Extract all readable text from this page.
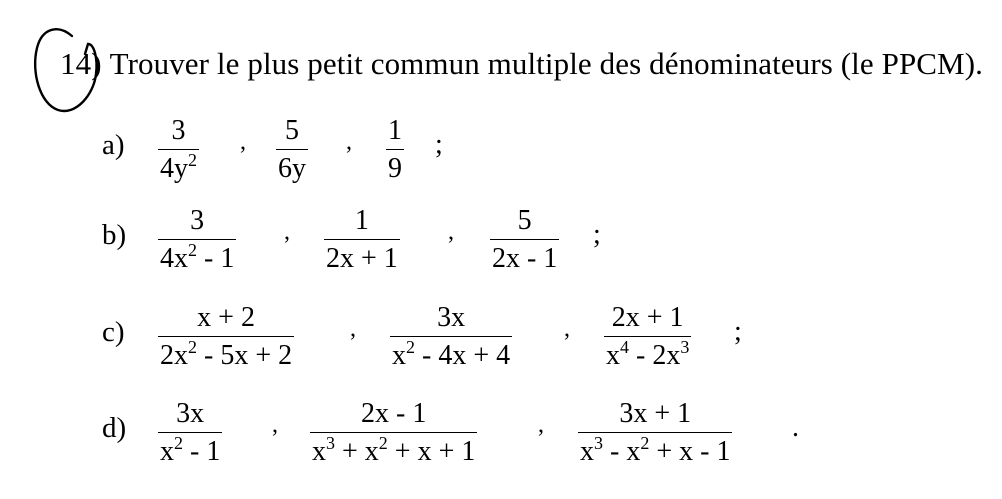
14) Trouver le plus petit commun multiple des dénominateurs (le PPCM).
a) 3
$4y^2$
, 5
6y
, 1
9
;
b) 3
$4x^2 - 1$
, 1
2x + 1
, 5
2x - 1
;
c)	x + 2
$2x^2 - 5x + 2$
,	3x
$x^2 - 4x + 4$
, 2x + 1
$x^4 - 2x^3$ ;
d) 3x
$x^2 - 1$
,	2x - 1
$x^3 + x^2 + x + 1$
,	3x + 1
$x^3 - x^2 + x - 1$
.
